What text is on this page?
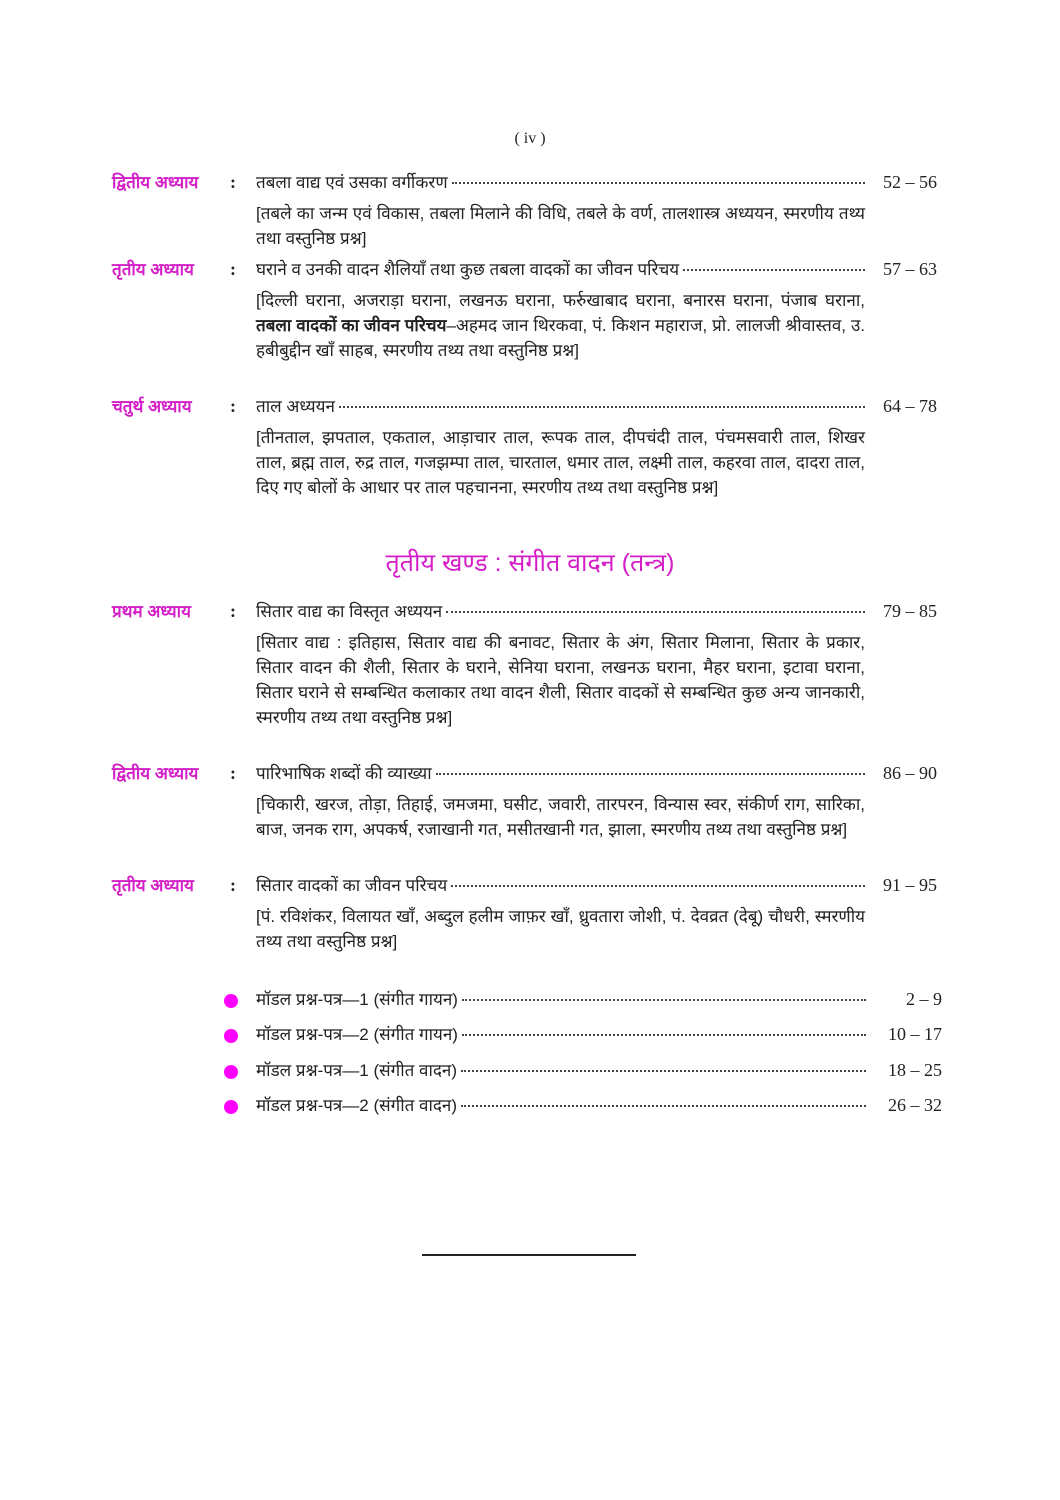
( iv )
द्वितीय अध्याय	:	तबला वाद्य एवं उसका वर्गीकरण	52 – 56
[तबले का जन्म एवं विकास, तबला मिलाने की विधि, तबले के वर्ण, तालशास्त्र अध्ययन, स्मरणीय तथ्य तथा वस्तुनिष्ठ प्रश्न]
तृतीय अध्याय	:	घराने व उनकी वादन शैलियाँ तथा कुछ तबला वादकों का जीवन परिचय	57 – 63
[दिल्ली घराना, अजराड़ा घराना, लखनऊ घराना, फर्रुखाबाद घराना, बनारस घराना, पंजाब घराना, तबला वादकों का जीवन परिचय–अहमद जान थिरकवा, पं. किशन महाराज, प्रो. लालजी श्रीवास्तव, उ. हबीबुद्दीन खाँ साहब, स्मरणीय तथ्य तथा वस्तुनिष्ठ प्रश्न]
चतुर्थ अध्याय	:	ताल अध्ययन	64 – 78
[तीनताल, झपताल, एकताल, आड़ाचार ताल, रूपक ताल, दीपचंदी ताल, पंचमसवारी ताल, शिखर ताल, ब्रह्म ताल, रुद्र ताल, गजझम्पा ताल, चारताल, धमार ताल, लक्ष्मी ताल, कहरवा ताल, दादरा ताल, दिए गए बोलों के आधार पर ताल पहचानना, स्मरणीय तथ्य तथा वस्तुनिष्ठ प्रश्न]
तृतीय खण्ड : संगीत वादन (तन्त्र)
प्रथम अध्याय	:	सितार वाद्य का विस्तृत अध्ययन	79 – 85
[सितार वाद्य : इतिहास, सितार वाद्य की बनावट, सितार के अंग, सितार मिलाना, सितार के प्रकार, सितार वादन की शैली, सितार के घराने, सेनिया घराना, लखनऊ घराना, मैहर घराना, इटावा घराना, सितार घराने से सम्बन्धित कलाकार तथा वादन शैली, सितार वादकों से सम्बन्धित कुछ अन्य जानकारी, स्मरणीय तथ्य तथा वस्तुनिष्ठ प्रश्न]
द्वितीय अध्याय	:	पारिभाषिक शब्दों की व्याख्या	86 – 90
[चिकारी, खरज, तोड़ा, तिहाई, जमजमा, घसीट, जवारी, तारपरन, विन्यास स्वर, संकीर्ण राग, सारिका, बाज, जनक राग, अपकर्ष, रजाखानी गत, मसीतखानी गत, झाला, स्मरणीय तथ्य तथा वस्तुनिष्ठ प्रश्न]
तृतीय अध्याय	:	सितार वादकों का जीवन परिचय	91 – 95
[पं. रविशंकर, विलायत खाँ, अब्दुल हलीम जाफ़र खाँ, ध्रुवतारा जोशी, पं. देवव्रत (देबू) चौधरी, स्मरणीय तथ्य तथा वस्तुनिष्ठ प्रश्न]
मॉडल प्रश्न-पत्र—1 (संगीत गायन)	2 – 9
मॉडल प्रश्न-पत्र—2 (संगीत गायन)	10 – 17
मॉडल प्रश्न-पत्र—1 (संगीत वादन)	18 – 25
मॉडल प्रश्न-पत्र—2 (संगीत वादन)	26 – 32
